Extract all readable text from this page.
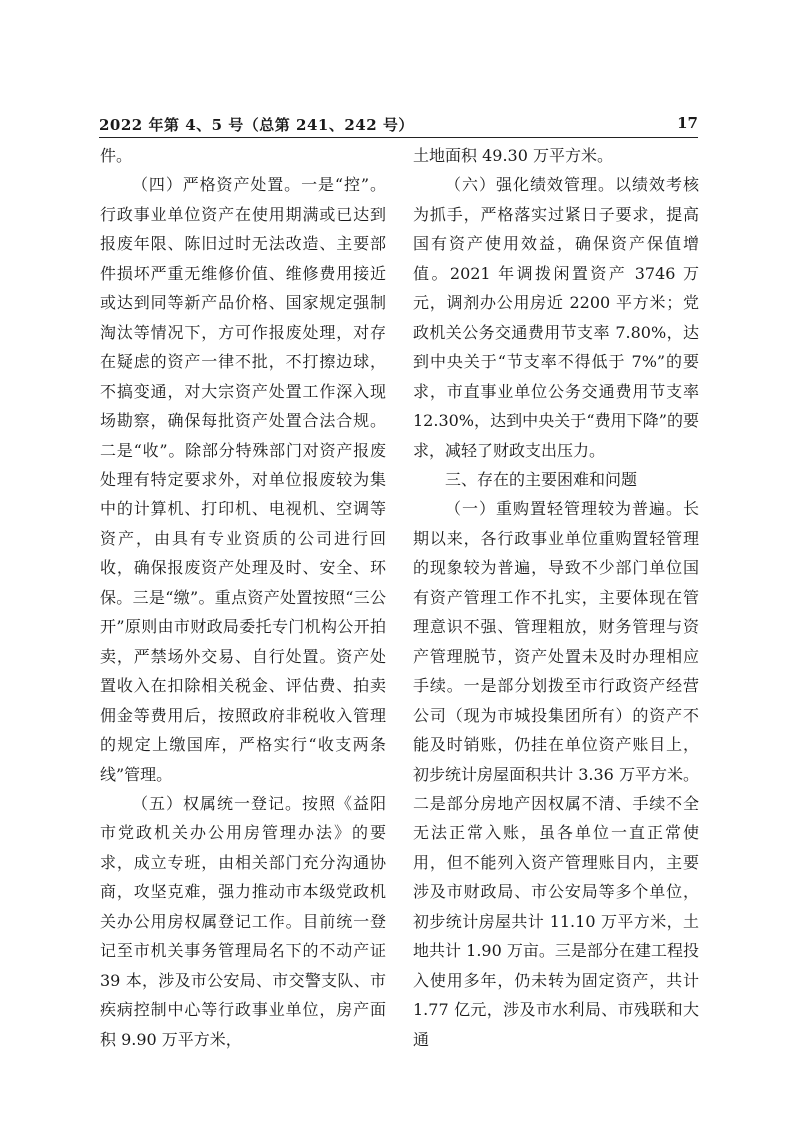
2022 年第 4、5 号（总第 241、242 号）	17

件。

（四）严格资产处置。一是“控”。行政事业单位资产在使用期满或已达到报废年限、陈旧过时无法改造、主要部件损坏严重无维修价值、维修费用接近或达到同等新产品价格、国家规定强制淘汰等情况下，方可作报废处理，对存在疑虑的资产一律不批，不打擦边球，不搞变通，对大宗资产处置工作深入现场勘察，确保每批资产处置合法合规。二是“收”。除部分特殊部门对资产报废处理有特定要求外，对单位报废较为集中的计算机、打印机、电视机、空调等资产，由具有专业资质的公司进行回收，确保报废资产处理及时、安全、环保。三是“缴”。重点资产处置按照“三公开”原则由市财政局委托专门机构公开拍卖，严禁场外交易、自行处置。资产处置收入在扣除相关税金、评估费、拍卖佣金等费用后，按照政府非税收入管理的规定上缴国库，严格实行“收支两条线”管理。

（五）权属统一登记。按照《益阳市党政机关办公用房管理办法》的要求，成立专班，由相关部门充分沟通协商，攻坚克难，强力推动市本级党政机关办公用房权属登记工作。目前统一登记至市机关事务管理局名下的不动产证 39 本，涉及市公安局、市交警支队、市疾病控制中心等行政事业单位，房产面积 9.90 万平方米，

土地面积 49.30 万平方米。

（六）强化绩效管理。以绩效考核为抓手，严格落实过紧日子要求，提高国有资产使用效益，确保资产保值增值。2021 年调拨闲置资产 3746 万元，调剂办公用房近 2200 平方米；党政机关公务交通费用节支率 7.80%，达到中央关于“节支率不得低于 7%”的要求，市直事业单位公务交通费用节支率 12.30%，达到中央关于“费用下降”的要求，减轻了财政支出压力。

三、存在的主要困难和问题

（一）重购置轻管理较为普遍。长期以来，各行政事业单位重购置轻管理的现象较为普遍，导致不少部门单位国有资产管理工作不扎实，主要体现在管理意识不强、管理粗放，财务管理与资产管理脱节，资产处置未及时办理相应手续。一是部分划拨至市行政资产经营公司（现为市城投集团所有）的资产不能及时销账，仍挂在单位资产账目上，初步统计房屋面积共计 3.36 万平方米。二是部分房地产因权属不清、手续不全无法正常入账，虽各单位一直正常使用，但不能列入资产管理账目内，主要涉及市财政局、市公安局等多个单位，初步统计房屋共计 11.10 万平方米，土地共计 1.90 万亩。三是部分在建工程投入使用多年，仍未转为固定资产，共计 1.77 亿元，涉及市水利局、市残联和大通
